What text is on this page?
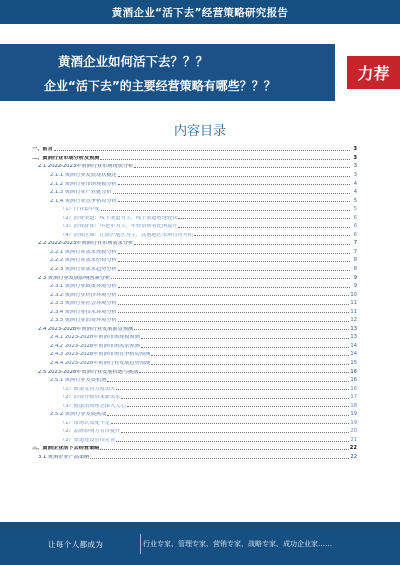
黄酒企业“活下去”经营策略研究报告
黄酒企业如何活下去？？？
企业“活下去”的主要经营策略有哪些？？？
力荐
内容目录
一、前言	3
二、黄酒行业市场分析及预测	3
2.1 2022-2023年黄酒行业市场现状分析	3
2.1.1 黄酒行业发展现状概述	3
2.1.2 黄酒行业市场规模分析	4
2.1.3 黄酒行业产业链分析	4
2.1.4 黄酒行业竞争格局分析	5
（1）行业集中度	5
（2）消费渠道：线下渠道为主，线上渠道增速较快	6
（3）消费群体：中老年为主，年轻消费者比例提升	6
（4）消费区域：江浙沪地区为主，其他地区市场有待开拓	6
2.2 2022-2023年黄酒行业市场需求分析	7
2.2.1 黄酒行业需求规模分析	7
2.2.2 黄酒行业需求结构分析	8
2.2.3 黄酒行业需求趋势分析	8
2.3 黄酒行业发展影响因素分析	9
2.3.1 黄酒行业政策环境分析	9
2.3.2 黄酒行业经济环境分析	10
2.3.3 黄酒行业社会环境分析	11
2.3.4 黄酒行业技术环境分析	11
2.3.5 黄酒行业消费环境分析	12
2.4 2023-2028年黄酒行业发展前景预测	13
2.4.1 2023-2028年黄酒市场规模预测	13
2.4.2 2023-2028年黄酒市场需求预测	14
2.4.3 2023-2028年黄酒市场竞争格局预测	14
2.4.4 2023-2028年黄酒行业发展趋势预测	15
2.5 2023-2028年黄酒行业发展机遇与挑战	16
2.5.1 黄酒行业发展机遇	16
（1）政策支持力度加大	16
（2）消费升级带来新需求	17
（3）健康消费理念深入人心	18
2.5.2 黄酒行业发展挑战	19
（1）市场认知度不足	19
（2）品牌影响力有待提升	20
（3）渠道建设有待完善	21
三、黄酒企业活下去经营策略	22
3.1 黄酒企业产品策略	22
让每个人都成为	行业专家、管理专家、营销专家、战略专家、成功企业家……
